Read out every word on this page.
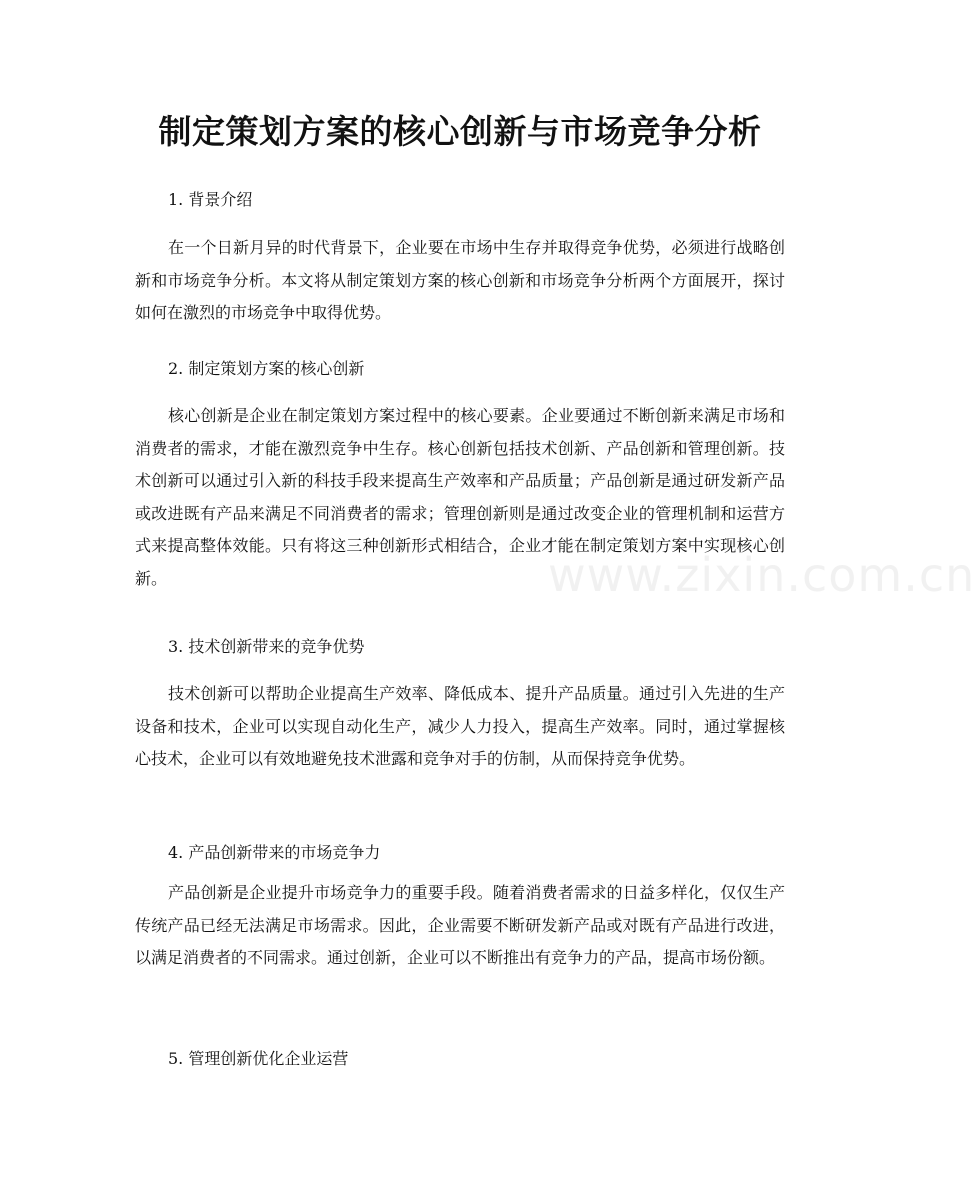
制定策划方案的核心创新与市场竞争分析
1. 背景介绍

在一个日新月异的时代背景下，企业要在市场中生存并取得竞争优势，必须进行战略创新和市场竞争分析。本文将从制定策划方案的核心创新和市场竞争分析两个方面展开，探讨如何在激烈的市场竞争中取得优势。

2. 制定策划方案的核心创新

核心创新是企业在制定策划方案过程中的核心要素。企业要通过不断创新来满足市场和消费者的需求，才能在激烈竞争中生存。核心创新包括技术创新、产品创新和管理创新。技术创新可以通过引入新的科技手段来提高生产效率和产品质量；产品创新是通过研发新产品或改进既有产品来满足不同消费者的需求；管理创新则是通过改变企业的管理机制和运营方式来提高整体效能。只有将这三种创新形式相结合，企业才能在制定策划方案中实现核心创新。

3. 技术创新带来的竞争优势

技术创新可以帮助企业提高生产效率、降低成本、提升产品质量。通过引入先进的生产设备和技术，企业可以实现自动化生产，减少人力投入，提高生产效率。同时，通过掌握核心技术，企业可以有效地避免技术泄露和竞争对手的仿制，从而保持竞争优势。

4. 产品创新带来的市场竞争力

产品创新是企业提升市场竞争力的重要手段。随着消费者需求的日益多样化，仅仅生产传统产品已经无法满足市场需求。因此，企业需要不断研发新产品或对既有产品进行改进，以满足消费者的不同需求。通过创新，企业可以不断推出有竞争力的产品，提高市场份额。

5. 管理创新优化企业运营
www.zixin.com.cn
